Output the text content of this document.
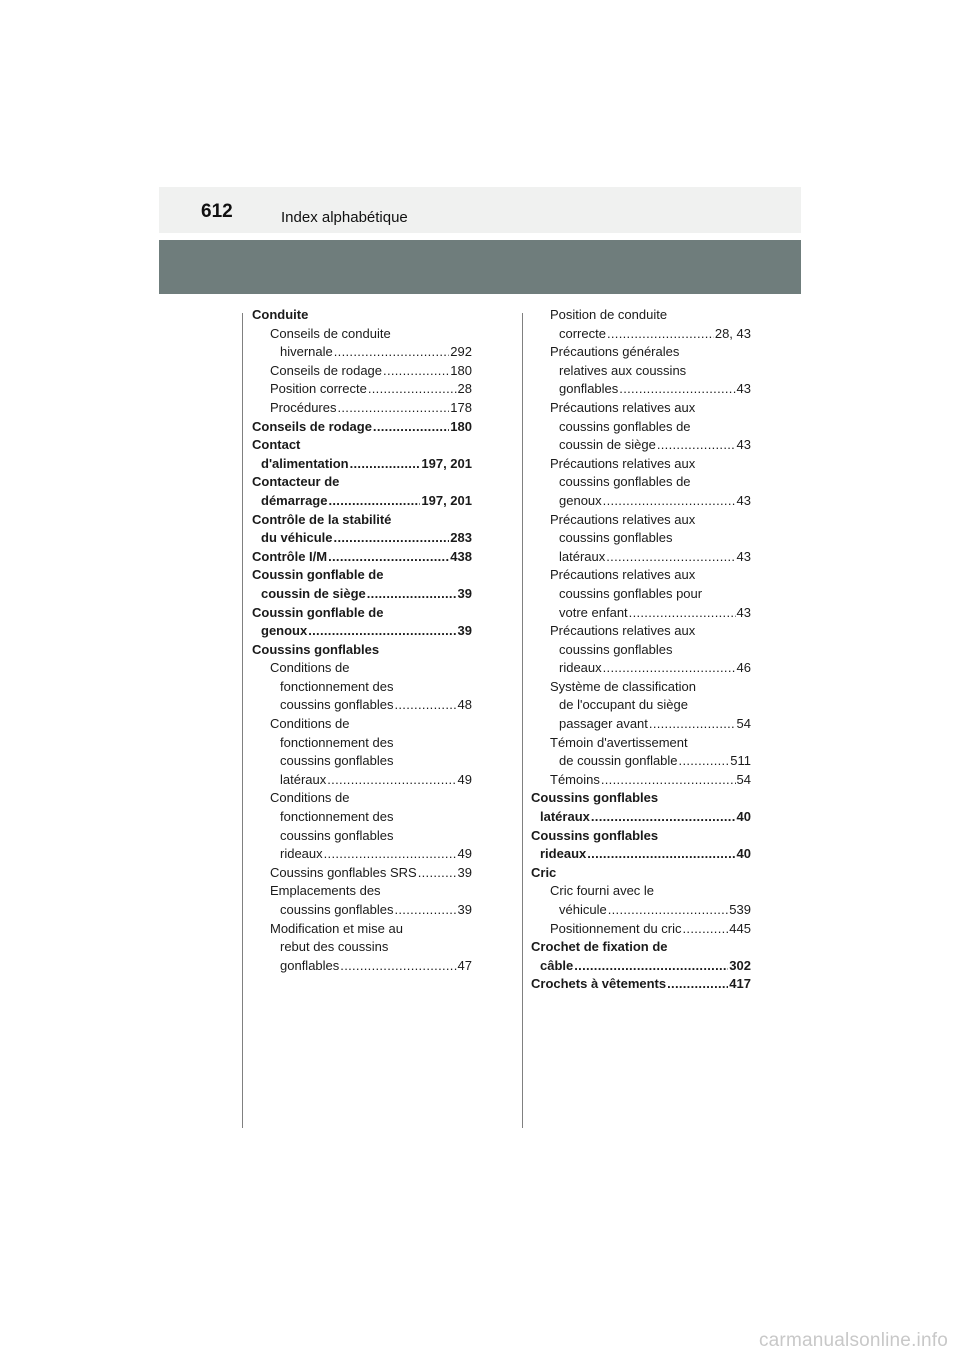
612	Index alphabétique
Conduite
Conseils de conduite
hivernale .....	292
Conseils de rodage .....	180
Position correcte .....	28
Procédures .....	178
Conseils de rodage .....	180
Contact
d'alimentation .....	197, 201
Contacteur de
démarrage .....	197, 201
Contrôle de la stabilité
du véhicule .....	283
Contrôle I/M .....	438
Coussin gonflable de
coussin de siège .....	39
Coussin gonflable de
genoux .....	39
Coussins gonflables
Conditions de
fonctionnement des
coussins gonflables .....	48
Conditions de
fonctionnement des
coussins gonflables
latéraux .....	49
Conditions de
fonctionnement des
coussins gonflables
rideaux .....	49
Coussins gonflables SRS .....	39
Emplacements des
coussins gonflables .....	39
Modification et mise au
rebut des coussins
gonflables .....	47
Position de conduite
correcte .....	28, 43
Précautions générales
relatives aux coussins
gonflables .....	43
Précautions relatives aux
coussins gonflables de
coussin de siège .....	43
Précautions relatives aux
coussins gonflables de
genoux .....	43
Précautions relatives aux
coussins gonflables
latéraux .....	43
Précautions relatives aux
coussins gonflables pour
votre enfant .....	43
Précautions relatives aux
coussins gonflables
rideaux .....	46
Système de classification
de l'occupant du siège
passager avant .....	54
Témoin d'avertissement
de coussin gonflable .....	511
Témoins .....	54
Coussins gonflables
latéraux .....	40
Coussins gonflables
rideaux .....	40
Cric
Cric fourni avec le
véhicule .....	539
Positionnement du cric .....	445
Crochet de fixation de
câble .....	302
Crochets à vêtements .....	417
carmanualsonline.info
